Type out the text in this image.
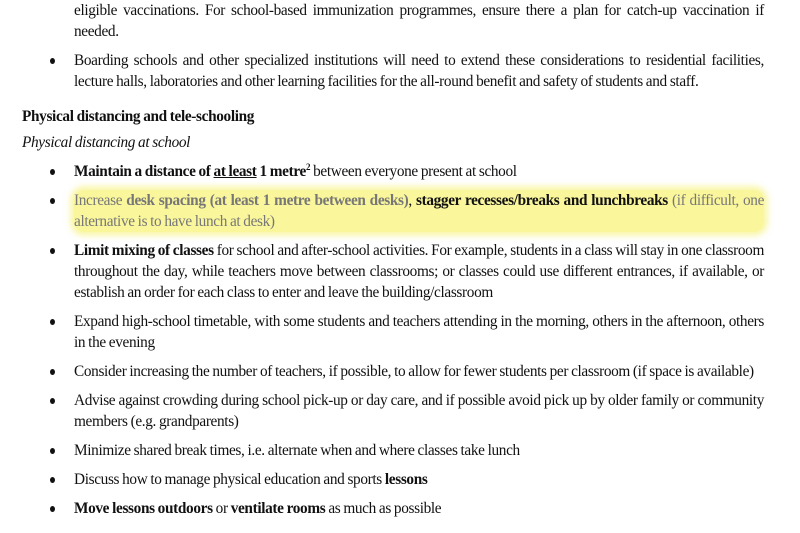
eligible vaccinations. For school-based immunization programmes, ensure there a plan for catch-up vaccination if needed.
Boarding schools and other specialized institutions will need to extend these considerations to residential facilities, lecture halls, laboratories and other learning facilities for the all-round benefit and safety of students and staff.
Physical distancing and tele-schooling
Physical distancing at school
Maintain a distance of at least 1 metre$^2$ between everyone present at school
Increase desk spacing (at least 1 metre between desks), stagger recesses/breaks and lunchbreaks (if difficult, one alternative is to have lunch at desk)
Limit mixing of classes for school and after-school activities. For example, students in a class will stay in one classroom throughout the day, while teachers move between classrooms; or classes could use different entrances, if available, or establish an order for each class to enter and leave the building/classroom
Expand high-school timetable, with some students and teachers attending in the morning, others in the afternoon, others in the evening
Consider increasing the number of teachers, if possible, to allow for fewer students per classroom (if space is available)
Advise against crowding during school pick-up or day care, and if possible avoid pick up by older family or community members (e.g. grandparents)
Minimize shared break times, i.e. alternate when and where classes take lunch
Discuss how to manage physical education and sports lessons
Move lessons outdoors or ventilate rooms as much as possible
